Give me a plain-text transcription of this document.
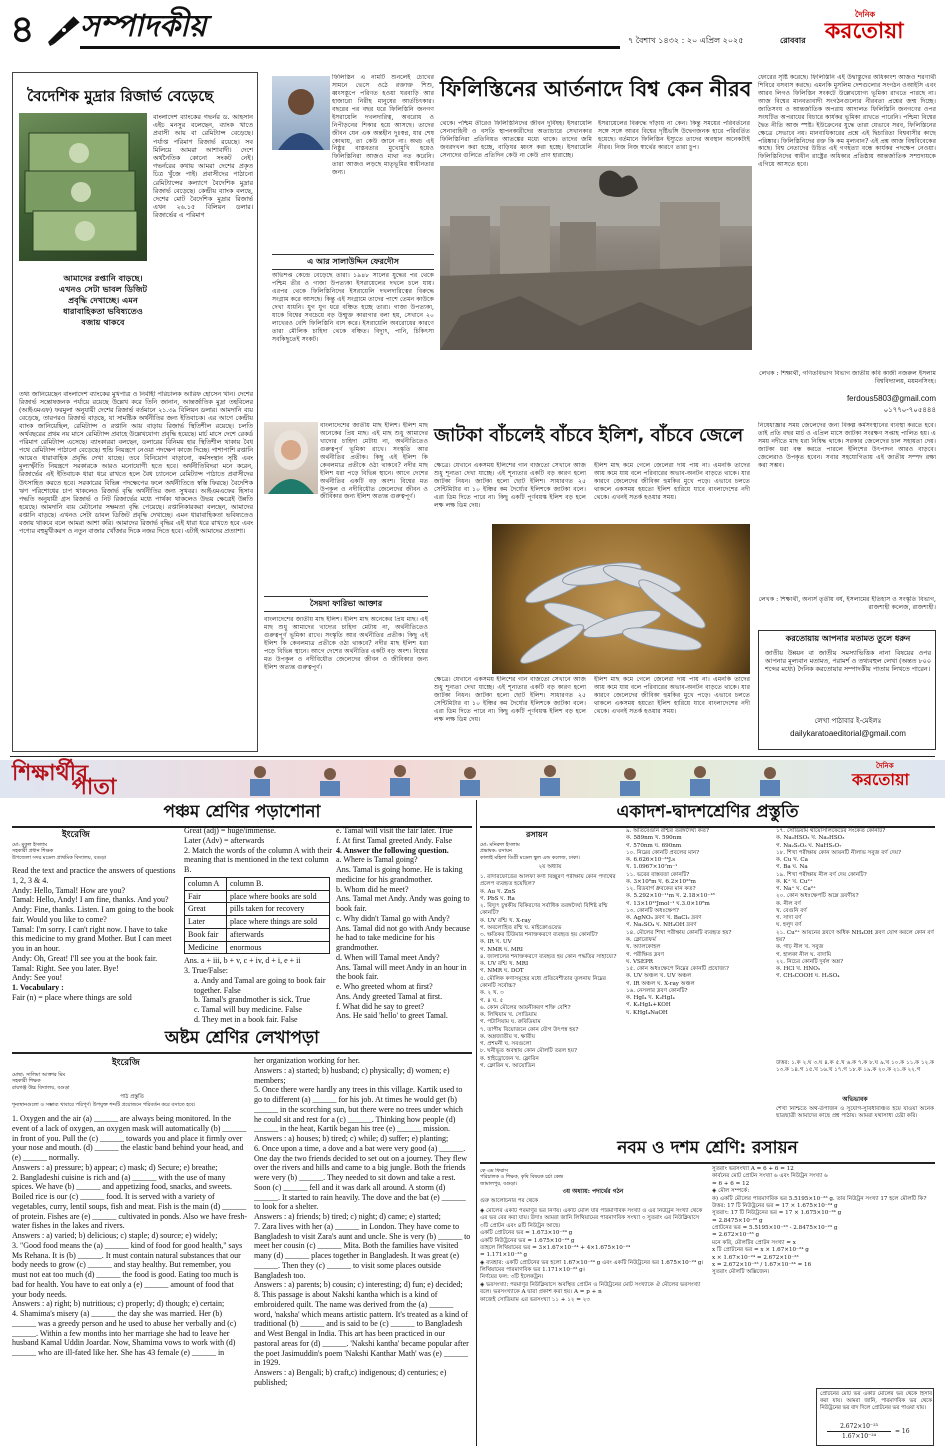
৪ সম্পাদকীয়	৭ বৈশাখ ১৪৩২ : ২০ এপ্রিল ২০২৫	রোববার
দৈনিক
করতোয়া
বৈদেশিক মুদ্রার রিজার্ভ বেড়েছে
বাংলাদেশ ব্যাংকের গভর্নর ড. আহসান এইচ মনসুর বলেছেন, ব্যাংক খাতে প্রবাসী আয় বা রেমিট্যান্স বেড়েছে। পর্যাপ্ত পরিমাণ রিজার্ভ রয়েছে। সব মিলিয়ে আমরা আশাবাদী। দেশে অর্থনৈতিক কোনো সংকট নেই। গভর্নরের কথায় আমরা দেশের প্রকৃত চিত্র খুঁজে পাই। প্রবাসীদের পাঠানো রেমিট্যান্সের কল্যাণে বৈদেশিক মুদ্রার রিজার্ভ বেড়েছে। কেন্দ্রীয় ব্যাংক বলছে, দেশের মোট বৈদেশিক মুদ্রার রিজার্ভ এখন ২৬.১৫ বিলিয়ন ডলার। রিজার্ভের এ পরিমাণ
আমাদের রপ্তানি বাড়ছে। এখনও সেটা ভাবল ডিজিট প্রবৃদ্ধি দেখাচ্ছে। এমন ধারাবাহিকতা ভবিষ্যতেও বজায় থাকবে
তথ্য জানিয়েছেন বাংলাদেশ ব্যাংকের মুখপাত্র ও নির্বাহী পরিচালক আরিফ হোসেন খান। দেশের রিজার্ভ সন্তোষজনক পর্যায়ে রয়েছে উল্লেখ করে তিনি জানান, আন্তর্জাতিক মুদ্রা তহবিলের (আইএমএফ) ফরমুলা অনুযায়ী দেশের রিজার্ভ বর্তমানে ২১.৩৯ বিলিয়ন ডলার। আমদানি ব্যয় বেড়েছে, তারপরও রিজার্ভ বাড়ছে, যা সামষ্টিক অর্থনীতির জন্য ইতিবাচক। এর আগে কেন্দ্রীয় ব্যাংক জানিয়েছিল, রেমিট্যান্স ও রপ্তানি আয় বাড়ায় রিজার্ভ স্থিতিশীল রয়েছে। চলতি অর্থবছরের প্রথম নয় মাসে রেমিট্যান্স প্রবাহে উল্লেখযোগ্য প্রবৃদ্ধি হয়েছে। মার্চ মাসে দেশে রেকর্ড পরিমাণ রেমিট্যান্স এসেছে। ব্যাংকাররা বলছেন, ডলারের বিনিময় হার স্থিতিশীল থাকায় বৈধ পথে রেমিট্যান্স পাঠানো বেড়েছে। হুন্ডি নিয়ন্ত্রণে নেওয়া পদক্ষেপ কাজে দিচ্ছে। পাশাপাশি রপ্তানি আয়েও ধারাবাহিক প্রবৃদ্ধি দেখা যাচ্ছে। তবে বিনিয়োগ বাড়ানো, কর্মসংস্থান সৃষ্টি এবং মূল্যস্ফীতি নিয়ন্ত্রণে সরকারকে আরও মনোযোগী হতে হবে। অর্থনীতিবিদরা মনে করেন, রিজার্ভের এই ইতিবাচক ধারা ধরে রাখতে হলে বৈধ চ্যানেলে রেমিট্যান্স পাঠাতে প্রবাসীদের উৎসাহিত করতে হবে। সরকারের বিভিন্ন পদক্ষেপের ফলে অর্থনীতিতে স্বস্তি ফিরছে। বৈদেশিক ঋণ পরিশোধের চাপ থাকলেও রিজার্ভ বৃদ্ধি অর্থনীতির জন্য সুখবর। আইএমএফের হিসাব পদ্ধতি অনুযায়ী গ্রস রিজার্ভ ও নিট রিজার্ভের মধ্যে পার্থক্য থাকলেও উভয় ক্ষেত্রেই উন্নতি হয়েছে। আমদানি ব্যয় মেটানোর সক্ষমতা বৃদ্ধি পেয়েছে। রপ্তানিকারকরা বলছেন, আমাদের রপ্তানি বাড়ছে। এখনও সেটা ডাবল ডিজিট প্রবৃদ্ধি দেখাচ্ছে। এমন ধারাবাহিকতা ভবিষ্যতেও বজায় থাকবে বলে আমরা আশা করি। আমাদের রিজার্ভ বৃদ্ধির এই ধারা ধরে রাখতে হবে এবং পণ্যের বহুমুখীকরণ ও নতুন বাজার খোঁজার দিকে নজর দিতে হবে। এটাই আমাদের প্রত্যাশা।
ফিলিস্তিন এ নামটি শুনলেই চোখের সামনে ভেসে ওঠে রক্তাক্ত শিশু, ধ্বংসস্তূপে পরিণত হওয়া ঘরবাড়ি আর হাজারো নিরীহ মানুষের আর্তচিৎকার। বছরের পর বছর ধরে ফিলিস্তিনি জনগণ ইসরায়েলি দখলদারিত্ব, অবরোধ ও নিপীড়নের শিকার হয়ে আসছে। তাদের জীবন যেন এক অন্তহীন দুঃস্বপ্ন, যার শেষ কোথায়, তা কেউ জানে না। অথচ এই নিষ্ঠুর বাস্তবতার মুখোমুখি হয়েও ফিলিস্তিনিরা আজও মাথা নত করেনি। তারা আজও লড়ছে মাতৃভূমির স্বাধীনতার জন্য।
এ আর সালাউদ্দিন ফেরদৌস
অভিশপ্ত কেন্দ্রে বেড়েছে তারা। ১৯৪৮ সালের যুদ্ধের পর থেকে পশ্চিম তীর ও গাজা উপত্যকা ইসরায়েলের দখলে চলে যায়। এরপর থেকে ফিলিস্তিনিদের ইসরায়েলি দখলদারিত্বের বিরুদ্ধে সংগ্রাম করে আসছে। কিন্তু এই সংগ্রামে তাদের পাশে তেমন কাউকে দেখা যায়নি। যুগ যুগ ধরে বঞ্চিত হচ্ছে তারা। গাজা উপত্যকা, যাকে বিশ্বের সবচেয়ে বড় উন্মুক্ত কারাগার বলা হয়, সেখানে ২০ লাখেরও বেশি ফিলিস্তিনি বাস করে। ইসরায়েলি অবরোধের কারণে তারা মৌলিক চাহিদা থেকে বঞ্চিত। বিদ্যুৎ, পানি, চিকিৎসা সবকিছুতেই সংকট।
ফিলিস্তিনের আর্তনাদে বিশ্ব কেন নীরব
থেকে। পশ্চিম তীরেও ফিলিস্তিনিদের জীবন দুর্বিষহ। ইসরায়েলি সেনাবাহিনী ও বসতি স্থাপনকারীদের অত্যাচারে সেখানকার ফিলিস্তিনিরা প্রতিনিয়ত আতঙ্কের মধ্যে থাকে। তাদের জমি জবরদখল করা হচ্ছে, বাড়িঘর ধ্বংস করা হচ্ছে। ইসরায়েলি সেনাদের গুলিতে প্রতিদিন কেউ না কেউ প্রাণ হারাচ্ছে।
ইসরায়েলের বিরুদ্ধে দাঁড়ায় না কেন। কিন্তু সময়ের পরিবর্তনের সঙ্গে সঙ্গে আরব বিশ্বের দৃষ্টিভঙ্গি উদ্বেগজনক হারে পরিবর্তিত হয়েছে। বর্তমানে ফিলিস্তিন ইস্যুতে তাদের অবস্থান অনেকটাই নীরব। নিজ নিজ স্বার্থের কারণে তারা চুপ।
ফোরের সৃষ্টি করেছে। ফিলিস্তিনি এই উদ্বাস্তুদের অধিকাংশ আজও শরণার্থী শিবিরে বসবাস করছে। এমনকি মুসলিম দেশগুলোর সংগঠন ওআইসি এবং আরব লিগও ফিলিস্তিন সংকটে উল্লেখযোগ্য ভূমিকা রাখতে পারছে না। আজ বিশ্বের মানবতাবাদী সংগঠনগুলোর নীরবতা প্রশ্নের জন্ম দিচ্ছে। জাতিসংঘ ও আন্তর্জাতিক অপরাধ আদালত ফিলিস্তিনি জনগণের ওপর সংঘটিত অপরাধের বিচারে কার্যকর ভূমিকা রাখতে পারেনি। পশ্চিমা বিশ্বের দ্বৈত নীতি আজ স্পষ্ট। ইউক্রেনের যুদ্ধে তারা যেভাবে সরব, ফিলিস্তিনের ক্ষেত্রে সেভাবে নয়। মানবাধিকারের প্রশ্নে এই দ্বিচারিতা বিশ্ববাসীর কাছে পরিষ্কার। ফিলিস্তিনিদের রক্ত কি কম মূল্যবান? এই প্রশ্ন আজ বিশ্ববিবেকের কাছে। বিশ্ব নেতাদের উচিত এই গণহত্যা বন্ধে কার্যকর পদক্ষেপ নেওয়া। ফিলিস্তিনিদের স্বাধীন রাষ্ট্রের অধিকার প্রতিষ্ঠায় আন্তর্জাতিক সম্প্রদায়কে এগিয়ে আসতে হবে।
লেখক : শিক্ষার্থী, গণিতবিভাগ বিভাগ জাতীয় কবি কাজী নজরুল ইসলাম বিশ্ববিদ্যালয়, ময়মনসিংহ।
ferdous5803@gmail.com
০১৭৭০-৭০৫৪৪৪
বাংলাদেশের জাতীয় মাছ ইলিশ। ইলিশ মাছ অনেকের প্রিয় মাছ। এই মাছ শুধু আমাদের খাদ্যের চাহিদা মেটায় না, অর্থনীতিতেও গুরুত্বপূর্ণ ভূমিকা রাখে। সংস্কৃতি আর অর্থনীতির প্রতীক। কিছু এই ইলিশ কি কেবলমাত্র প্রতীকে ওঠা থাকবে? নদীর মাছ ইলিশ ধরা পড়ে বিভিন্ন স্থানে। আগে দেশের অর্থনীতির একটি বড় অংশ। বিশ্বের মত উপকূল ও নদীবিধৌত জেলেদের জীবন ও জীবিকার জন্য ইলিশ অত্যন্ত গুরুত্বপূর্ণ।
সৈয়দা ফারিভা আক্তার
বাংলাদেশের জাতীয় মাছ ইলিশ। ইলিশ মাছ অনেকের প্রিয় মাছ। এই মাছ শুধু আমাদের খাদ্যের চাহিদা মেটায় না, অর্থনীতিতেও গুরুত্বপূর্ণ ভূমিকা রাখে। সংস্কৃতি আর অর্থনীতির প্রতীক। কিছু এই ইলিশ কি কেবলমাত্র প্রতীকে ওঠা থাকবে? নদীর মাছ ইলিশ ধরা পড়ে বিভিন্ন স্থানে। আগে দেশের অর্থনীতির একটি বড় অংশ। বিশ্বের মত উপকূল ও নদীবিধৌত জেলেদের জীবন ও জীবিকার জন্য ইলিশ অত্যন্ত গুরুত্বপূর্ণ।
জাটকা বাঁচলেই বাঁচবে ইলিশ, বাঁচবে জেলে
ক্ষেত্রে। যেখানে একসময় ইলিশের গান বাজতো সেখানে আজ শুধু শূন্যতা দেখা যাচ্ছে। এই শূন্যতার একটি বড় কারণ হলো জাটকা নিধন। জাটকা হলো ছোট ইলিশ। সাধারণত ২৫ সেন্টিমিটার বা ১০ ইঞ্চির কম দৈর্ঘ্যের ইলিশকে জাটকা বলে। এরা ডিম দিতে পারে না। কিছু একটি পূর্ণবয়স্ক ইলিশ বড় হলে লক্ষ লক্ষ ডিম দেয়।
ইলিশ মাছ কমে গেলে জেলেরা দায় পায় না। এমনকি তাদের আয় কমে যায় বলে পরিবারের অভাব-অনটন বাড়তে থাকে। যার কারণে জেলেদের জীবিকা হুমকির মুখে পড়ে। এভাবে চলতে থাকলে একসময় হয়তো ইলিশ হারিয়ে যাবে বাংলাদেশের নদী থেকে। এখনই সতর্ক হওয়ার সময়।
ক্ষেত্রে। যেখানে একসময় ইলিশের গান বাজতো সেখানে আজ শুধু শূন্যতা দেখা যাচ্ছে। এই শূন্যতার একটি বড় কারণ হলো জাটকা নিধন। জাটকা হলো ছোট ইলিশ। সাধারণত ২৫ সেন্টিমিটার বা ১০ ইঞ্চির কম দৈর্ঘ্যের ইলিশকে জাটকা বলে। এরা ডিম দিতে পারে না। কিছু একটি পূর্ণবয়স্ক ইলিশ বড় হলে লক্ষ লক্ষ ডিম দেয়।
ইলিশ মাছ কমে গেলে জেলেরা দায় পায় না। এমনকি তাদের আয় কমে যায় বলে পরিবারের অভাব-অনটন বাড়তে থাকে। যার কারণে জেলেদের জীবিকা হুমকির মুখে পড়ে। এভাবে চলতে থাকলে একসময় হয়তো ইলিশ হারিয়ে যাবে বাংলাদেশের নদী থেকে। এখনই সতর্ক হওয়ার সময়।
নিষেধাজ্ঞার সময় জেলেদের জন্য বিকল্প কর্মসংস্থানের ব্যবস্থা করতে হবে। তাই প্রতি বছর মার্চ ও এপ্রিল মাসে জাটকা সংরক্ষণ সপ্তাহ পালিত হয়। এ সময় নদীতে মাছ ধরা নিষিদ্ধ থাকে। সরকার জেলেদের চাল সহায়তা দেয়। জাটকা ধরা বন্ধ করতে পারলে ইলিশের উৎপাদন আরও বাড়বে। জেলেরাও উপকৃত হবেন। সবার সহযোগিতায় এই জাতীয় সম্পদ রক্ষা করা সম্ভব।
লেখক : শিক্ষার্থী, অনার্স তৃতীয় বর্ষ, ইসলামের ইতিহাস ও সংস্কৃতি বিভাগ, রাজশাহী কলেজ, রাজশাহী।
করতোয়ায় আপনার মতামত তুলে ধরুন
জাতীয় উন্নয়ন বা জাতীয় সমস্যাভিত্তিক নানা বিষয়ের ওপর আপনার মূল্যবান মতামত, পরামর্শ ও তথ্যবহুল লেখা (অন্তত ৮০০ শব্দের মধ্যে) দৈনিক করতোয়ার সম্পাদকীয় পাতায় লিখতে পারেন।
লেখা পাঠাবার ই-মেইলঃ
dailykaratoaeditorial@gmail.com
শিক্ষার্থীর
পাতা
দৈনিক
করতোয়া
পঞ্চম শ্রেণির পড়াশোনা
ইংরেজি
মো: মুকুল ইসলাম
সহকারী প্রধান শিক্ষক
উপজেলা সদর মডেল প্রাথমিক বিদ্যালয়, বগুড়া
Read the text and practice the answers of questions 1, 2, 3 & 4.
Andy: Hello, Tamal! How are you?
Tamal: Hello, Andy! I am fine, thanks. And you?
Andy: Fine, thanks. Listen. I am going to the book fair. Would you like to come?
Tamal: I'm sorry. I can't right now. I have to take this medicine to my grand Mother. But I can meet you in an hour.
Andy: Oh, Great! I'll see you at the book fair.
Tamal: Right. See you later. Bye!
Andy: See you!
1. Vocabulary :
Fair (n) = place where things are sold
Great (adj) = huge/immense.
Later (Adv) = afterwards
2. Match the words of the column A with their meaning that is mentioned in the text column B.
column A	column B.
Fair	place where books are sold
Great	pills taken for recovery
Later	place where things are sold
Book fair	afterwards
Medicine	enormous
Ans. a + iii, b + v, c + iv, d + i, e + ii
3. True/False:
a. Andy and Tamal are going to book fair together. False
b. Tamal's grandmother is sick. True
c. Tamal will buy medicine. False
d. They met in a book fair. False
e. Tamal will visit the fair later. True
f. At first Tamal greeted Andy. False
4. Answer the following question.
a. Where is Tamal going?
Ans. Tamal is going home. He is taking medicine for his grandmother.
b. Whom did he meet?
Ans. Tamal met Andy. Andy was going to book fair.
c. Why didn't Tamal go with Andy?
Ans. Tamal did not go with Andy because he had to take medicine for his grandmother.
d. When will Tamal meet Andy?
Ans. Tamal will meet Andy in an hour in the book fair.
e. Who greeted whom at first?
Ans. Andy greeted Tamal at first.
f. What did he say to greet?
Ans. He said 'hello' to greet Tamal.
অষ্টম শ্রেণির লেখাপড়া
ইংরেজি
মোছা: সালিমা আক্তার মিম
সহকারী শিক্ষক
রায়গঞ্জ উচ্চ বিদ্যালয়, বগুড়া
পাঠ প্রস্তুতি
শূন্যস্থানগুলো ও সম্ভাব্য খাবারে পরিপূর্ণ। উপযুক্ত শব্দটি প্রয়োজনে পরিবর্তন করে বসাতে হবে।
1. Oxygen and the air (a) ______ are always being monitored. In the event of a lack of oxygen, an oxygen mask will automatically (b) ______ in front of you. Pull the (c) ______ towards you and place it firmly over your nose and mouth. (d) ______ the elastic band behind your head, and (e) ______ normally.
Answers : a) pressure; b) appear; c) mask; d) Secure; e) breathe;
2. Bangladeshi cuisine is rich and (a) ______ with the use of many spices. We have (b) ______ and appetizing food, snacks, and sweets. Boiled rice is our (c) ______ food. It is served with a variety of vegetables, curry, lentil soups, fish and meat. Fish is the main (d) ______ of protein. Fishes are (e) ______ cultivated in ponds. Also we have fresh-water fishes in the lakes and rivers.
Answers : a) varied; b) delicious; c) staple; d) source; e) widely;
3. "Good food means the (a) ______ kind of food for good health," says Ms Rehana. It is (b) ______. It must contain natural substances that our body needs to grow (c) ______ and stay healthy. But remember, you must not eat too much (d) ______ the food is good. Eating too much is bad for health. You have to eat only a (e) ______ amount of food that your body needs.
Answers : a) right; b) nutritious; c) properly; d) though; e) certain;
4. Shamima's misery (a) ______ the day she was married. Her (b) ______ was a greedy person and he used to abuse her verbally and (c) ______. Within a few months into her marriage she had to leave her husband Kamal Uddin Joardar. Now, Shamima vows to work with (d) ______ who are ill-fated like her. She has 43 female (e) ______ in
her organization working for her.
Answers : a) started; b) husband; c) physically; d) women; e) members;
5. Once there were hardly any trees in this village. Kartik used to go to different (a) ______ for his job. At times he would get (b) ______ in the scorching sun, but there were no trees under which he could sit and rest for a (c) ______. Thinking how people (d) ______ in the heat, Kartik began his tree (e) ______ mission.
Answers : a) houses; b) tired; c) while; d) suffer; e) planting;
6. Once upon a time, a dove and a bat were very good (a) ______. One day the two friends decided to set out on a journey. They flew over the rivers and hills and came to a big jungle. Both the friends were very (b) ______. They needed to sit down and take a rest. Soon (c) ______ fell and it was dark all around. A storm (d) ______. It started to rain heavily. The dove and the bat (e) ______ to look for a shelter.
Answers : a) friends; b) tired; c) night; d) came; e) started;
7. Zara lives with her (a) ______ in London. They have come to Bangladesh to visit Zara's aunt and uncle. She is very (b) ______ to meet her cousin (c) ______ Mita. Both the families have visited many (d) ______ places together in Bangladesh. It was great (e) ______. Then they (c) ______ to visit some places outside Bangladesh too.
Answers : a) parents; b) cousin; c) interesting; d) fun; e) decided;
8. This passage is about Nakshi kantha which is a kind of embroidered quilt. The name was derived from the (a) ______ word, 'naksha' which means artistic pattern. It's treated as a kind of traditional (b) ______ and is said to be (c) ______ to Bangladesh and West Bengal in India. This art has been practiced in our pastoral areas for (d) ______. 'Nakshi kantha' became popular after the poet Jasimuddin's poem 'Nakshi Kanthar Math' was (e) ______ in 1929.
Answers : a) Bengali; b) craft,c) indigenous; d) centuries; e) published;
একাদশ-দ্বাদশশ্রেণির প্রস্তুতি
রসায়ন
মো: মনিরুল ইসলাম
প্রভাষক: রসায়ন
কালাই মহিলা ডিগ্রী মডেল স্কুল এন্ড কলেজ, ঢাকা।
২য় অধ্যায়
১. রাদারফোর্ডের আলফা কণা বিচ্ছুরণ পরীক্ষায় কোন পদার্থের প্রলেপ ব্যবহৃত হয়েছিল?
ক. Au খ. ZnS
গ. PbS ঘ. Ra
২. বিদ্যুৎ চুম্বকীয় বিকিরণের সর্বাধিক তরঙ্গদৈর্ঘ্য বিশিষ্ট রশ্মি কোনটি?
ক. UV রশ্মি খ. X-ray
গ. অবলোহিত রশ্মি ঘ. মাইক্রোওয়েভ
৩. ক্ষতিকর টিউমার শনাক্তকরণে ব্যবহৃত হয় কোনটি?
ক. IR খ. UV
গ. NMR ঘ. MRI
৪. জালালের শনাক্তকরণে ব্যবহৃত হয় কোন পদ্ধতির সাহায্যে?
ক. UV রশ্মি খ. MRI
গ. NMR ঘ. DOT
৫. মৌলিক কণাসমূহের মধ্যে প্রতিবেশীতার তুলনায় নিম্নের কোনটি সর্বোচ্চ?
ক. ২ খ. ৩
গ. ৪ ঘ. ৫
৬. কোন মৌলের আয়নীকরণ শক্তি বেশি?
ক. লিথিয়াম খ. সোডিয়াম
গ. পটাসিয়াম ঘ. রুবিডিয়াম
৭. তাপীয় বিয়োজনে কোন যৌগ উৎপন্ন হয়?
ক. অম্লজাতীয় খ. ক্ষারীয়
গ. প্রশমনী ঘ. সবগুলো
৮. ঘনীভূত অবস্থায় কোন মৌলটি তরল হয়?
ক. হাইড্রোজেন খ. ফ্লোরিন
গ. ক্লোরিন ঘ. আয়োডিন
৯. অতিবেগুনি রশ্মির তরঙ্গদৈর্ঘ্য কত?
ক. 589nm খ. 590nm
গ. 570nm ঘ. 690nm
১০. নিম্নের কোনটি প্রবলের মান?
ক. 6.626×10⁻³⁴J.s
খ. 1.0967×10⁷m⁻¹
১১. ভরের বাস্তবতা কোনটি?
ক. 3×10⁸m খ. 6.2×10²³m
১২. রিডবার্গ ধ্রুবকের মান কত?
ক. 5.292×10⁻¹¹m খ. 2.18×10⁻¹⁸
গ. 13×10¹²Jmol⁻¹ ঘ.3.0×10⁸m
১৩. কোনটি অধঃক্ষেপ?
ক. AgNO₃ দ্রবণ খ. BaCl₂ দ্রবণ
গ. Na₂SO₄ ঘ. NH₄OH দ্রবণ
১৪. মৌলের শিখা পরীক্ষায় কোনটি ব্যবহৃত হয়?
ক. ক্লোরোফর্ম
খ. অ্যালকোহল
গ. পরীক্ষিত দ্রবণ
ঘ. VSEPR
১৫. কোন অধঃক্ষেপে নিম্নের কোনটি প্রযোজ্য?
ক. UV অঞ্চল খ. UV অঞ্চল
গ. IR অঞ্চল ঘ. X-ray অঞ্চল
১৬. নেসলার দ্রবণ কোনটি?
ক. HgI₄ খ. K₂HgI₄
গ. K₂HgI₄+KOH
ঘ. KHgI₄NaOH
১৭. সোডিয়াম থায়োসালফেটের সংকেত কোনটি?
ক. Na₂HSO₂ খ. Na₂HSO₃
গ. Na₂S₂O₃ ঘ. NaHS₂O₇
১৮. শিখা পরীক্ষায় কোন আয়নটি নীলাভ সবুজ বর্ণ দেয়?
ক. Cu খ. Ca
গ. Ba ঘ. Na
১৯. শিখা পরীক্ষায় নীল বর্ণ দেয় কোনটি?
ক. K⁺ খ. Cu²⁺
গ. Na⁺ ঘ. Ca²⁺
২০. কোন অধঃক্ষেপটি অম্লে দ্রবণীয়?
ক. নীল বর্ণ
খ. বেগুনি বর্ণ
গ. সাদা বর্ণ
ঘ. হলুদ বর্ণ
২১. Cu²⁺ আয়নের দ্রবণে অধিক NH₄OH দ্রবণ যোগ করলে কোন বর্ণ হয়?
ক. গাঢ় নীল খ. সবুজ
গ. হালকা নীল ঘ. বাদামি
২২. নিচের কোনটি দুর্বল অম্ল?
ক. HCl খ. HNO₃
গ. CH₃COOH ঘ. H₂SO₄
উত্তর: ১.ক ২.ঘ ৩.ঘ ৪.ক ৫.খ ৬.ক ৭.ক ৮.ঘ ৯.খ ১০.ক ১১.ক ১২.ক ১৩.ক ১৪.গ ১৫.খ ১৬.খ ১৭.গ ১৮.ক ১৯.ক ২০.ক ২১.ক ২২.গ
অভিভাবক
শেখা নিশ্চিতে অর্থ-উপার্জন ও সুযোগ-সুবিধাবঞ্চিত হয়ে যাওয়া অনেক ছাত্রছাত্রী আমাদের কাছে প্রশ্ন পাঠায়। আমরা যথাসাধ্য চেষ্টা করি।
নবম ও দশম শ্রেণি: রসায়ন
কে এম ফিরাস
পরিচালক ও শিক্ষক, কৃষি বিষয়ক চর্চা কেন্দ্র
জামালপুর, বগুড়া।
৩য় অধ্যায়: পদার্থের গঠন
গুরু আলোচনার পর থেকে
◈ মৌলের একটি পরমাণুর ভর নির্ণয়। একটি মৌল যার পারমাণবিক সংখ্যা ও এর নিউট্রন সংখ্যা থেকে এর ভর বের করা যায়। উদাঃ আমরা জানি লিথিয়ামের পারমাণবিক সংখ্যা ৩ সুতরাং এর নিউক্লিয়াসে ৩টি প্রোটন এবং ৪টি নিউট্রন আছে।
একটি প্রোটনের ভর = 1.673×10⁻²⁴ g
একটি নিউট্রনের ভর = 1.675×10⁻²⁴ g
তাহলে লিথিয়ামের ভর = 3×1.67×10⁻²⁴ + 4×1.675×10⁻²⁴
= 1.171×10⁻²³ g
◈ ব্যবহার: একটি প্রোটনের ভর হলো 1.67×10⁻²⁴ g এবং একটি নিউট্রনের ভর 1.675×10⁻²⁴ g। লিথিয়ামের পারমাণবিক ভর 1.171×10⁻²³ g।
নির্ণয়ের ফল: ৩টি ইলেকট্রন।
◈ ভরসংখ্যা: পরমাণুর নিউক্লিয়াসে অবস্থিত প্রোটন ও নিউট্রনের মোট সংখ্যাকে ঐ মৌলের ভরসংখ্যা বলে। ভরসংখ্যাকে A দ্বারা প্রকাশ করা হয়। A = p + n
কাজেই সোডিয়াম এর ভরসংখ্যা ১১ + ১২ = ২৩
সুতরাং ভরসংখ্যা A = 6 + 6 = 12
কার্বনের মোট প্রোটন সংখ্যা ৬ এবং নিউট্রন সংখ্যা ৬
= 6 + 6 = 12
◈ মৌল সম্পর্কে:
ক) একটি মৌলের পারমাণবিক ভর 5.5195×10⁻²³ g. তার নিউট্রন সংখ্যা 17 হলে মৌলটি কি?
উত্তর: 17 টি নিউট্রনের ভর = 17 × 1.675×10⁻²⁴ g
সুতরাং: 17 টি নিউট্রনের ভর = 17 × 1.675×10⁻²⁴ g
= 2.8475×10⁻²³ g
প্রোটনের ভর = 5.5195×10⁻²³ - 2.8475×10⁻²³ g
= 2.672×10⁻²³ g
মনে করি, মৌলটির প্রোটন সংখ্যা = x
x টি প্রোটনের ভর = x × 1.67×10⁻²⁴ g
x × 1.67×10⁻²⁴ = 2.672×10⁻²³
x = 2.672×10⁻²³ / 1.67×10⁻²⁴ = 16
সুতরাং মৌলটি অক্সিজেন।
প্রোটনের মোট ভর একটি মৌলের ভর থেকে হিসাব করা যায়। আমরা জানি, পারমাণবিক ভর থেকে নিউট্রনের ভর বাদ দিলে প্রোটনের ভর পাওয়া যায়।
2.672×10⁻²³
1.67×10⁻²⁴
= 16
